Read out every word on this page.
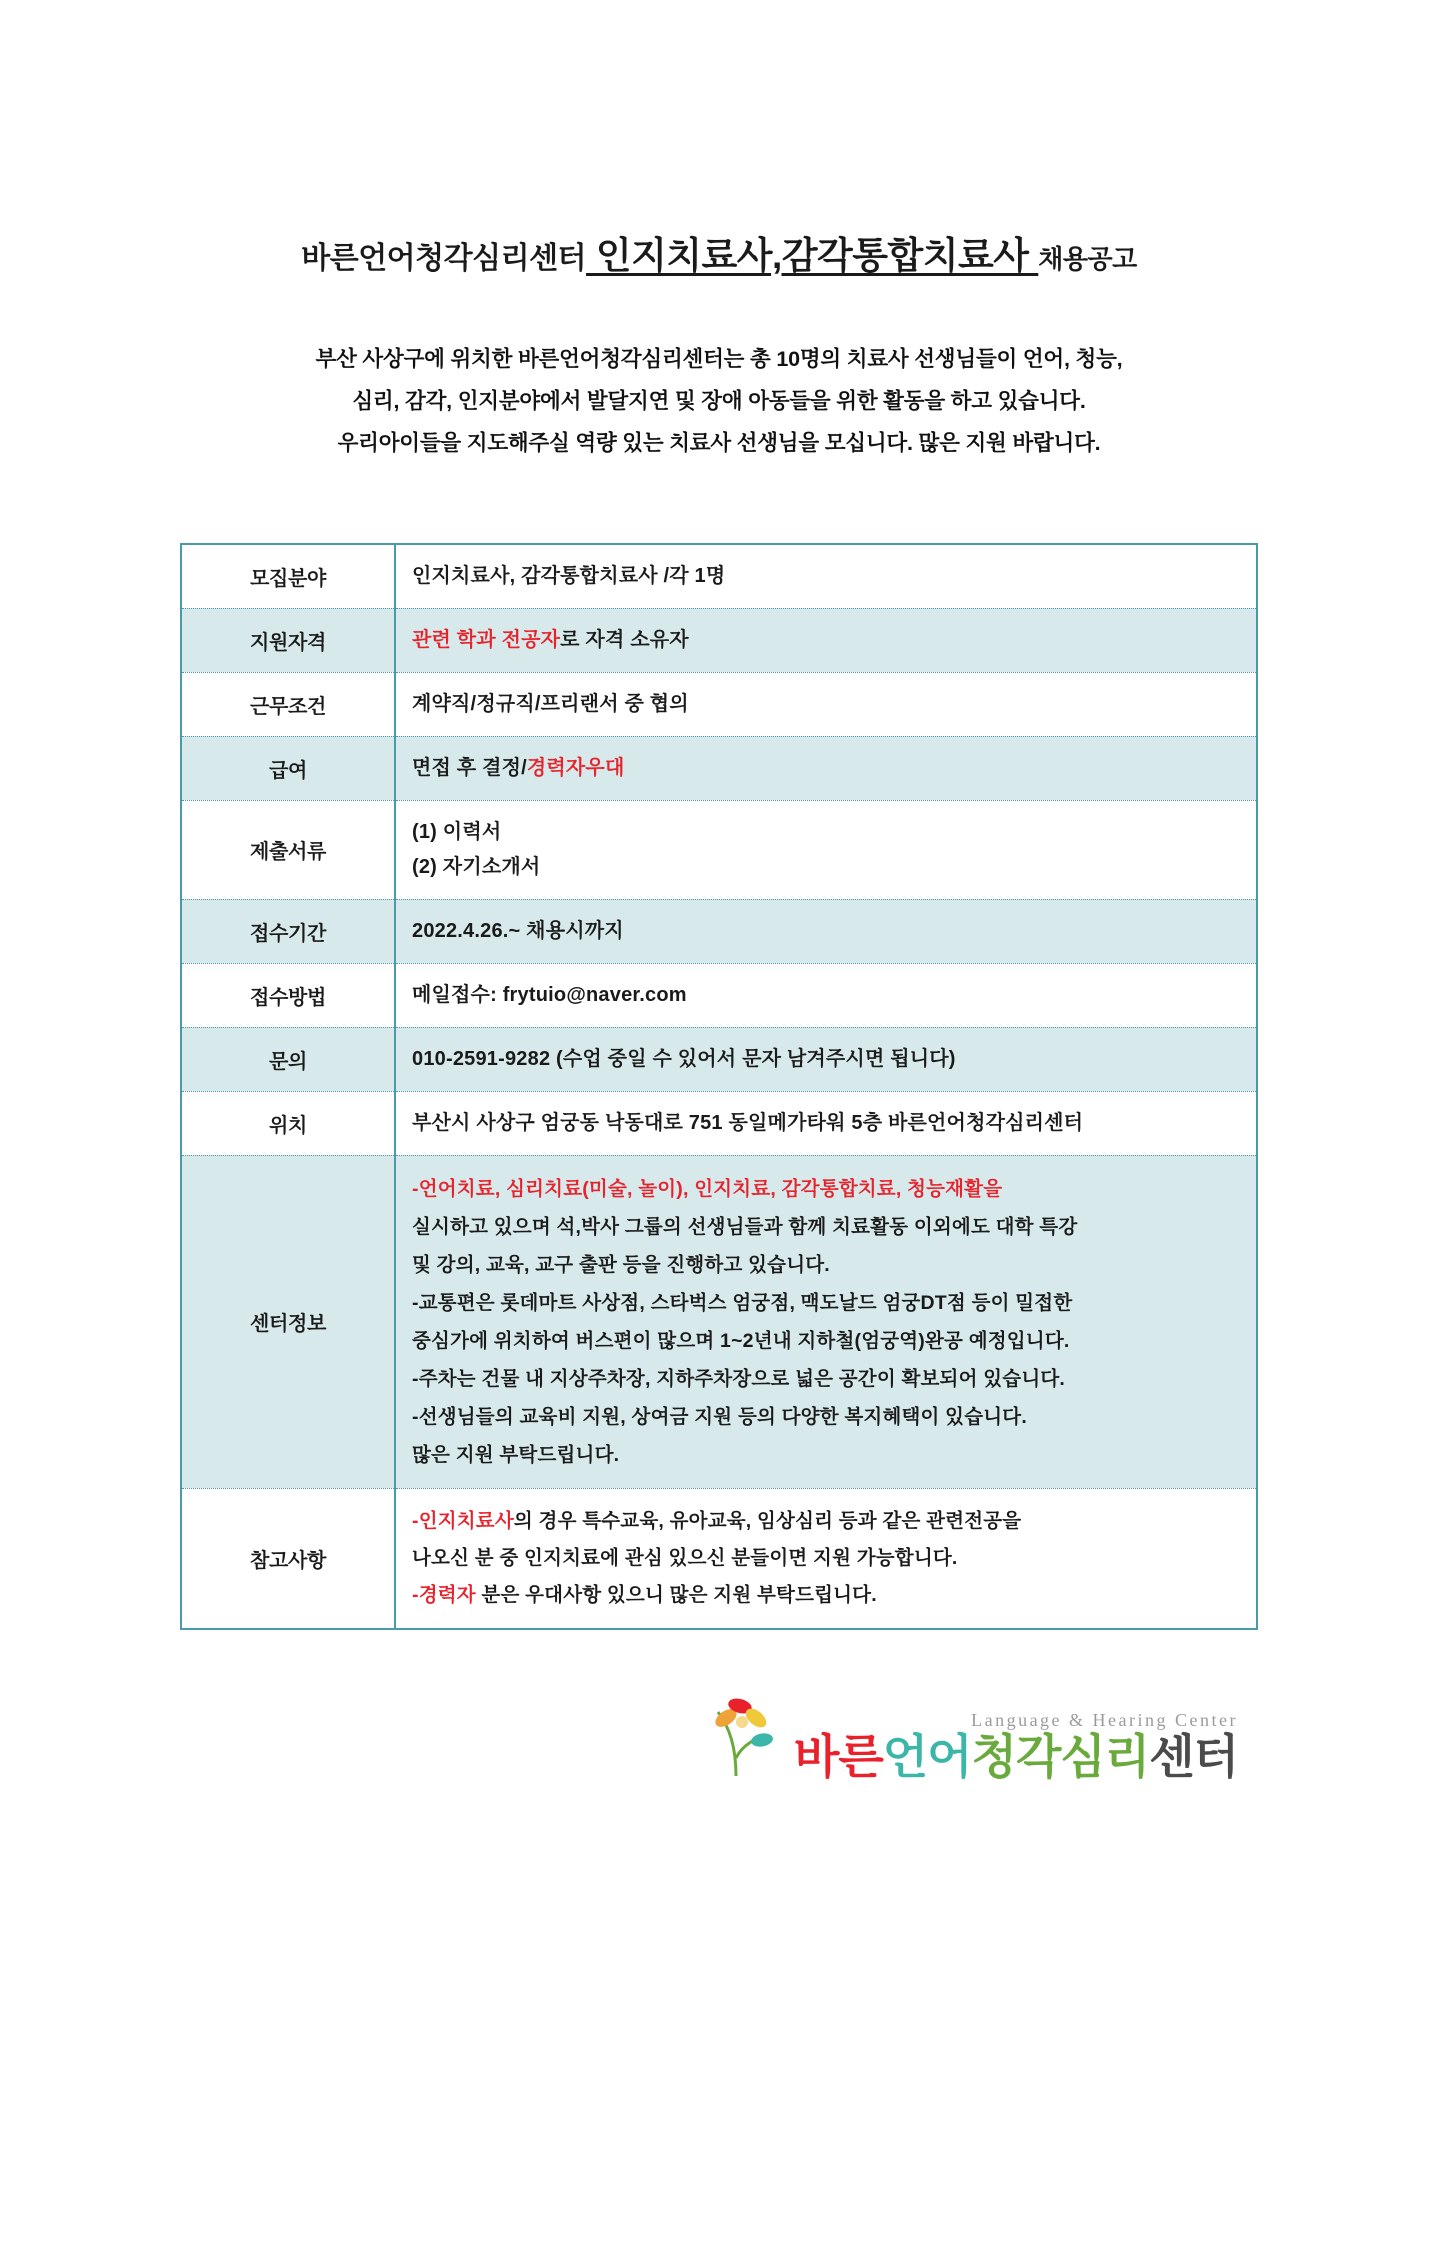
바른언어청각심리센터 인지치료사,감각통합치료사 채용공고
부산 사상구에 위치한 바른언어청각심리센터는 총 10명의 치료사 선생님들이 언어, 청능,
심리, 감각, 인지분야에서 발달지연 및 장애 아동들을 위한 활동을 하고 있습니다.
우리아이들을 지도해주실 역량 있는 치료사 선생님을 모십니다. 많은 지원 바랍니다.
모집분야	인지치료사, 감각통합치료사 /각 1명
지원자격	관련 학과 전공자로 자격 소유자
근무조건	계약직/정규직/프리랜서 중 협의
급여	면접 후 결정/경력자우대
제출서류	(1) 이력서
(2) 자기소개서

접수기간	2022.4.26.~ 채용시까지
접수방법	메일접수: frytuio@naver.com
문의	010-2591-9282 (수업 중일 수 있어서 문자 남겨주시면 됩니다)
위치	부산시 사상구 엄궁동 낙동대로 751 동일메가타워 5층 바른언어청각심리센터
센터정보	
-언어치료, 심리치료(미술, 놀이), 인지치료, 감각통합치료, 청능재활을
실시하고 있으며 석,박사 그룹의 선생님들과 함께 치료활동 이외에도 대학 특강
및 강의, 교육, 교구 출판 등을 진행하고 있습니다.
-교통편은 롯데마트 사상점, 스타벅스 엄궁점, 맥도날드 엄궁DT점 등이 밀접한
중심가에 위치하여 버스편이 많으며 1~2년내 지하철(엄궁역)완공 예정입니다.
-주차는 건물 내 지상주차장, 지하주차장으로 넓은 공간이 확보되어 있습니다.
-선생님들의 교육비 지원, 상여금 지원 등의 다양한 복지혜택이 있습니다.
많은 지원 부탁드립니다.

참고사항	-인지치료사의 경우 특수교육, 유아교육, 임상심리 등과 같은 관련전공을
나오신 분 중 인지치료에 관심 있으신 분들이면 지원 가능합니다.
-경력자 분은 우대사항 있으니 많은 지원 부탁드립니다.
Language & Hearing Center
바른언어청각심리센터
